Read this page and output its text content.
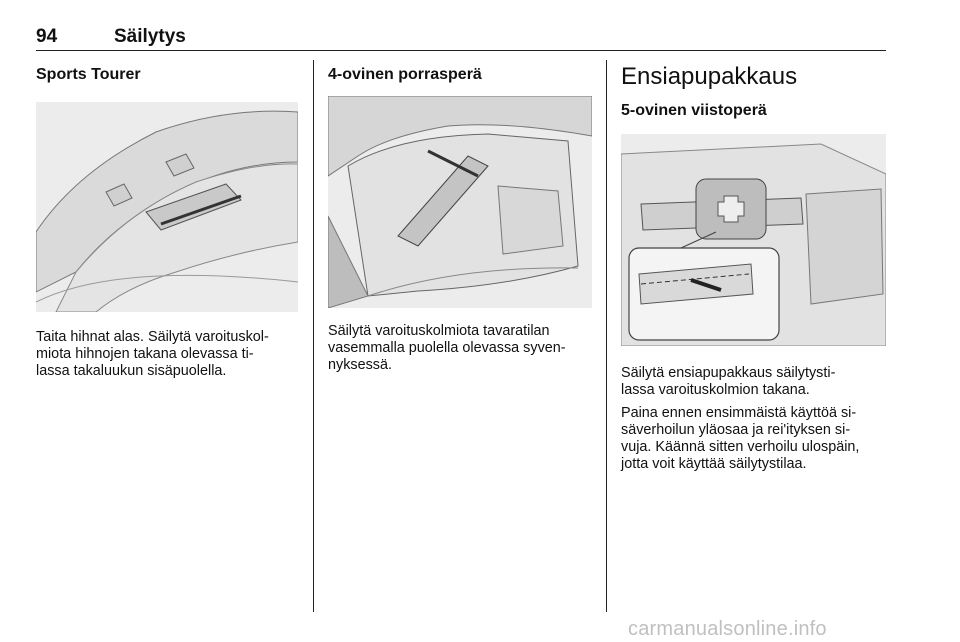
94	Säilytys
Sports Tourer

Taita hihnat alas. Säilytä varoituskol-
miota hihnojen takana olevassa ti-
lassa takaluukun sisäpuolella.

4-ovinen porrasperä

Säilytä varoituskolmiota tavaratilan
vasemmalla puolella olevassa syven-
nyksessä.

Ensiapupakkaus
5-ovinen viistoperä

Säilytä ensiapupakkaus säilytysti-
lassa varoituskolmion takana.

Paina ennen ensimmäistä käyttöä si-
säverhoilun yläosaa ja rei'ityksen si-
vuja. Käännä sitten verhoilu ulospäin,
jotta voit käyttää säilytystilaa.

carmanualsonline.info
